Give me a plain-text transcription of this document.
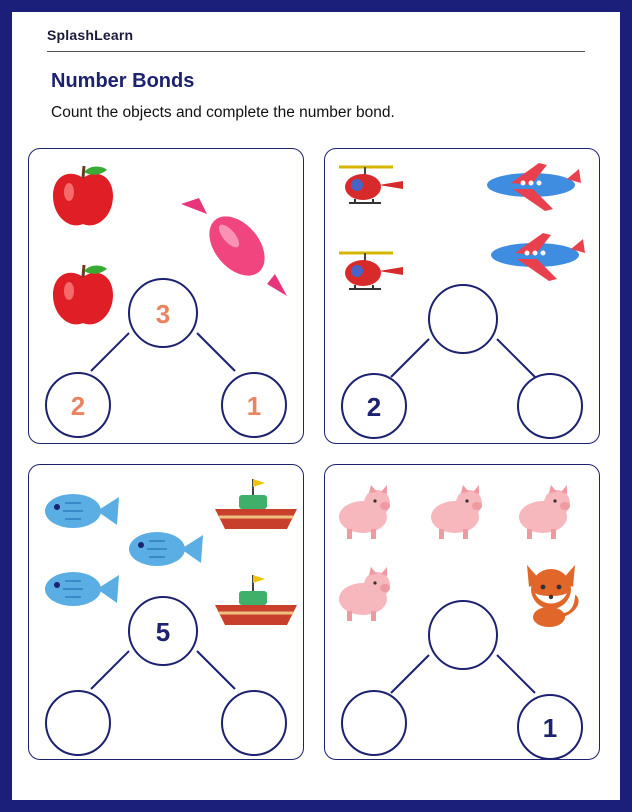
SplashLearn
Number Bonds
Count the objects and complete the number bond.
3
2	1	2
5
1
